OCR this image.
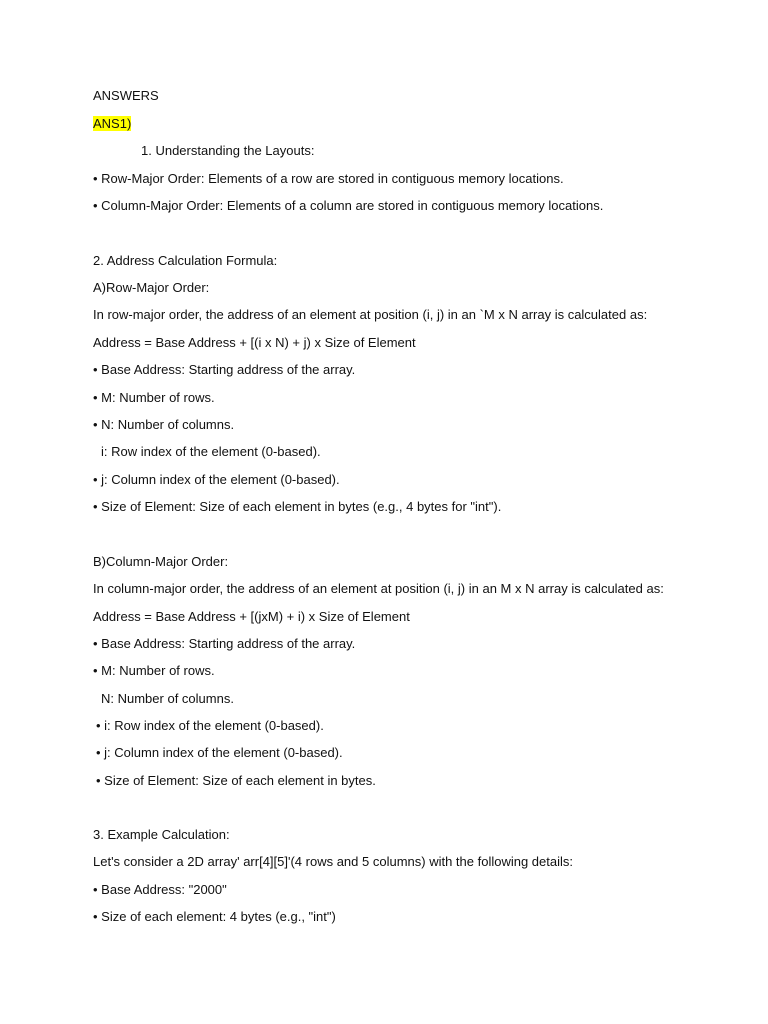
ANSWERS
ANS1)
1. Understanding the Layouts:
• Row-Major Order: Elements of a row are stored in contiguous memory locations.
• Column-Major Order: Elements of a column are stored in contiguous memory locations.
2. Address Calculation Formula:
A)Row-Major Order:
In row-major order, the address of an element at position (i, j) in an `M x N array is calculated as:
Address = Base Address + [(i x N) + j) x Size of Element
• Base Address: Starting address of the array.
• M: Number of rows.
• N: Number of columns.
i: Row index of the element (0-based).
• j: Column index of the element (0-based).
• Size of Element: Size of each element in bytes (e.g., 4 bytes for "int").
B)Column-Major Order:
In column-major order, the address of an element at position (i, j) in an M x N array is calculated as:
Address = Base Address + [(jxM) + i) x Size of Element
• Base Address: Starting address of the array.
• M: Number of rows.
N: Number of columns.
• i: Row index of the element (0-based).
• j: Column index of the element (0-based).
• Size of Element: Size of each element in bytes.
3. Example Calculation:
Let's consider a 2D array' arr[4][5]'(4 rows and 5 columns) with the following details:
• Base Address: "2000"
• Size of each element: 4 bytes (e.g., "int")
